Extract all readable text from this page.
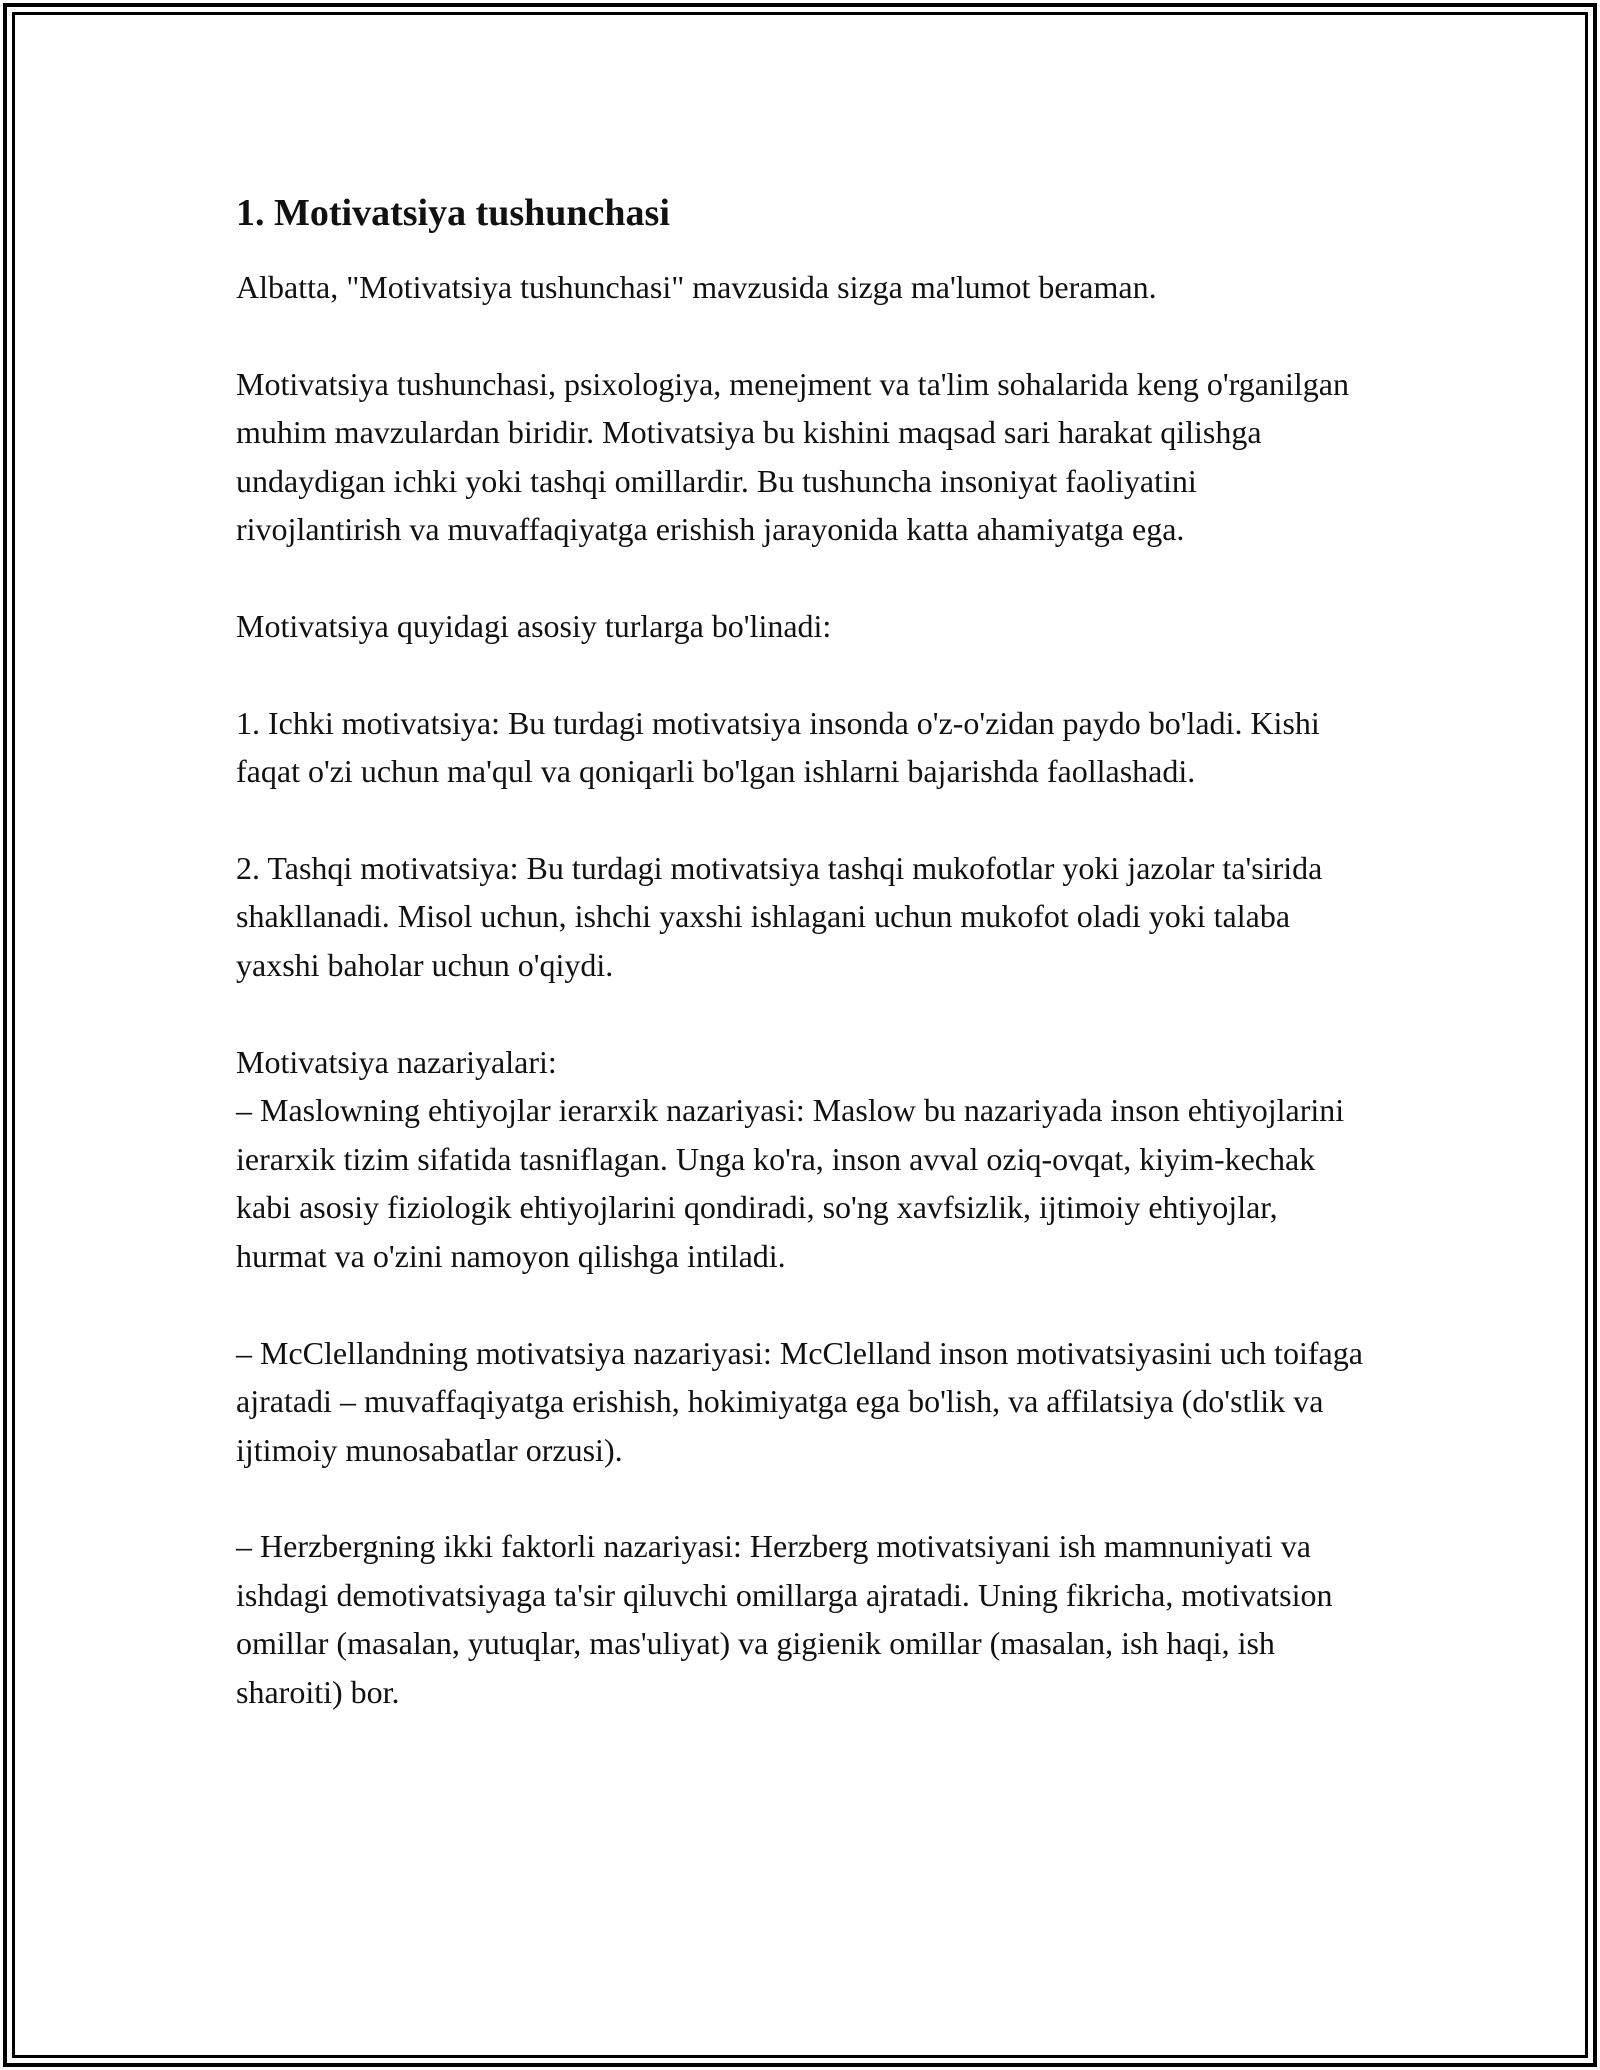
1. Motivatsiya tushunchasi

Albatta, "Motivatsiya tushunchasi" mavzusida sizga ma'lumot beraman.

Motivatsiya tushunchasi, psixologiya, menejment va ta'lim sohalarida keng o'rganilgan muhim mavzulardan biridir. Motivatsiya bu kishini maqsad sari harakat qilishga undaydigan ichki yoki tashqi omillardir. Bu tushuncha insoniyat faoliyatini rivojlantirish va muvaffaqiyatga erishish jarayonida katta ahamiyatga ega.

Motivatsiya quyidagi asosiy turlarga bo'linadi:

1. Ichki motivatsiya: Bu turdagi motivatsiya insonda o'z-o'zidan paydo bo'ladi. Kishi faqat o'zi uchun ma'qul va qoniqarli bo'lgan ishlarni bajarishda faollashadi.

2. Tashqi motivatsiya: Bu turdagi motivatsiya tashqi mukofotlar yoki jazolar ta'sirida shakllanadi. Misol uchun, ishchi yaxshi ishlagani uchun mukofot oladi yoki talaba yaxshi baholar uchun o'qiydi.

Motivatsiya nazariyalari:

– Maslowning ehtiyojlar ierarxik nazariyasi: Maslow bu nazariyada inson ehtiyojlarini ierarxik tizim sifatida tasniflagan. Unga ko'ra, inson avval oziq-ovqat, kiyim-kechak kabi asosiy fiziologik ehtiyojlarini qondiradi, so'ng xavfsizlik, ijtimoiy ehtiyojlar, hurmat va o'zini namoyon qilishga intiladi.

– McClellandning motivatsiya nazariyasi: McClelland inson motivatsiyasini uch toifaga ajratadi – muvaffaqiyatga erishish, hokimiyatga ega bo'lish, va affilatsiya (do'stlik va ijtimoiy munosabatlar orzusi).

– Herzbergning ikki faktorli nazariyasi: Herzberg motivatsiyani ish mamnuniyati va ishdagi demotivatsiyaga ta'sir qiluvchi omillarga ajratadi. Uning fikricha, motivatsion omillar (masalan, yutuqlar, mas'uliyat) va gigienik omillar (masalan, ish haqi, ish sharoiti) bor.
